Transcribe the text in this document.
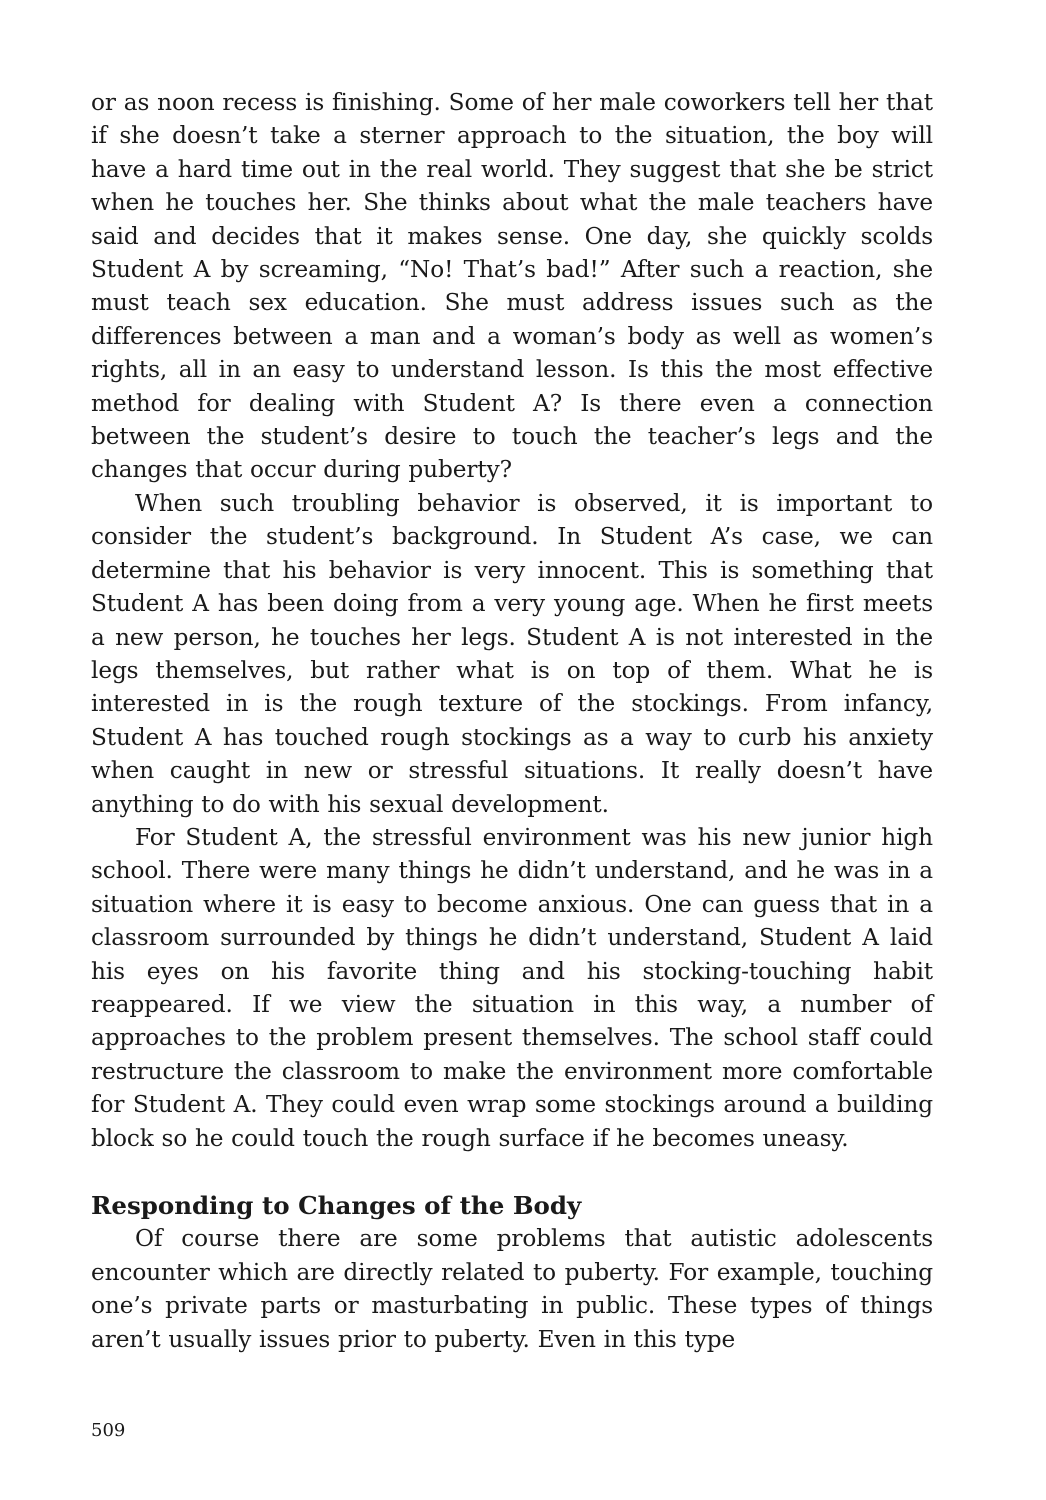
or as noon recess is finishing. Some of her male coworkers tell her that if she doesn’t take a sterner approach to the situation, the boy will have a hard time out in the real world. They suggest that she be strict when he touches her. She thinks about what the male teachers have said and decides that it makes sense. One day, she quickly scolds Student A by screaming, “No! That’s bad!” After such a reaction, she must teach sex education. She must address issues such as the differences between a man and a woman’s body as well as women’s rights, all in an easy to understand lesson. Is this the most effective method for dealing with Student A? Is there even a connection between the student’s desire to touch the teacher’s legs and the changes that occur during puberty?

When such troubling behavior is observed, it is important to consider the student’s background. In Student A’s case, we can determine that his behavior is very innocent. This is something that Student A has been doing from a very young age. When he first meets a new person, he touches her legs. Student A is not interested in the legs themselves, but rather what is on top of them. What he is interested in is the rough texture of the stockings. From infancy, Student A has touched rough stockings as a way to curb his anxiety when caught in new or stressful situations. It really doesn’t have anything to do with his sexual development.

For Student A, the stressful environment was his new junior high school. There were many things he didn’t understand, and he was in a situation where it is easy to become anxious. One can guess that in a classroom surrounded by things he didn’t understand, Student A laid his eyes on his favorite thing and his stocking-touching habit reappeared. If we view the situation in this way, a number of approaches to the problem present themselves. The school staff could restructure the classroom to make the environment more comfortable for Student A. They could even wrap some stockings around a building block so he could touch the rough surface if he becomes uneasy.

Responding to Changes of the Body

Of course there are some problems that autistic adolescents encounter which are directly related to puberty. For example, touching one’s private parts or masturbating in public. These types of things aren’t usually issues prior to puberty. Even in this type

509
